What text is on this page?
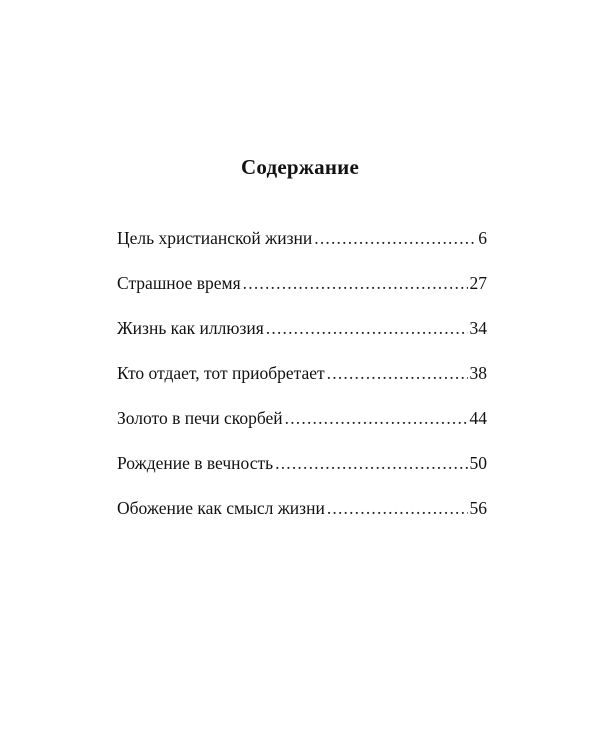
Содержание
Цель христианской жизни .....	6
Страшное время .....	27
Жизнь как иллюзия .....	34
Кто отдает, тот приобретает .....	38
Золото в печи скорбей .....	44
Рождение в вечность .....	50
Обожение как смысл жизни .....	56
